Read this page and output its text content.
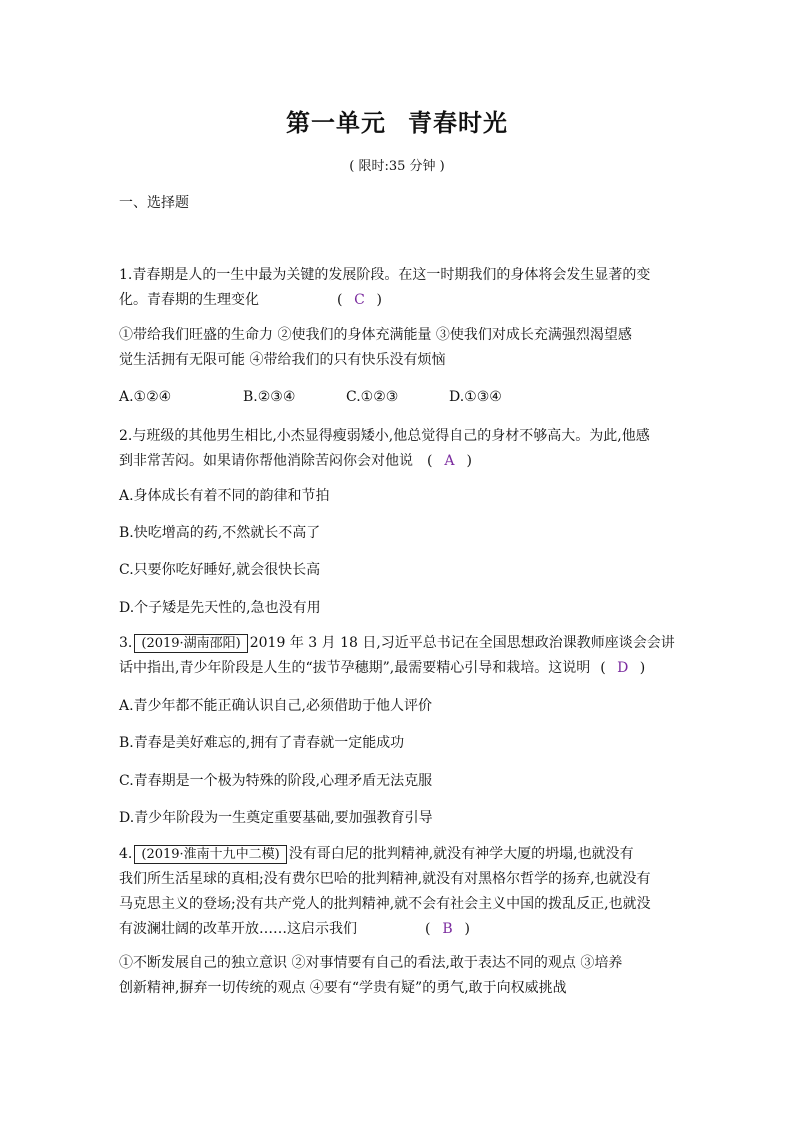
第一单元 青春时光
( 限时:35 分钟 )
一、选择题
1.青春期是人的一生中最为关键的发展阶段。在这一时期我们的身体将会发生显著的变
化。青春期的生理变化	( C )
①带给我们旺盛的生命力 ②使我们的身体充满能量 ③使我们对成长充满强烈渴望感
觉生活拥有无限可能 ④带给我们的只有快乐没有烦恼
A.①②④	B.②③④	C.①②③	D.①③④
2.与班级的其他男生相比,小杰显得瘦弱矮小,他总觉得自己的身材不够高大。为此,他感
到非常苦闷。如果请你帮他消除苦闷你会对他说 ( A )
A.身体成长有着不同的韵律和节拍
B.快吃增高的药,不然就长不高了
C.只要你吃好睡好,就会很快长高
D.个子矮是先天性的,急也没有用
3. (2019·湖南邵阳) 2019 年 3 月 18 日,习近平总书记在全国思想政治课教师座谈会会讲
话中指出,青少年阶段是人生的“拔节孕穗期”,最需要精心引导和栽培。这说明 ( D )
A.青少年都不能正确认识自己,必须借助于他人评价
B.青春是美好难忘的,拥有了青春就一定能成功
C.青春期是一个极为特殊的阶段,心理矛盾无法克服
D.青少年阶段为一生奠定重要基础,要加强教育引导
4. (2019·淮南十九中二模) 没有哥白尼的批判精神,就没有神学大厦的坍塌,也就没有
我们所生活星球的真相;没有费尔巴哈的批判精神,就没有对黑格尔哲学的扬弃,也就没有
马克思主义的登场;没有共产党人的批判精神,就不会有社会主义中国的拨乱反正,也就没
有波澜壮阔的改革开放……这启示我们	( B )
①不断发展自己的独立意识 ②对事情要有自己的看法,敢于表达不同的观点 ③培养
创新精神,摒弃一切传统的观点 ④要有“学贵有疑”的勇气,敢于向权威挑战
